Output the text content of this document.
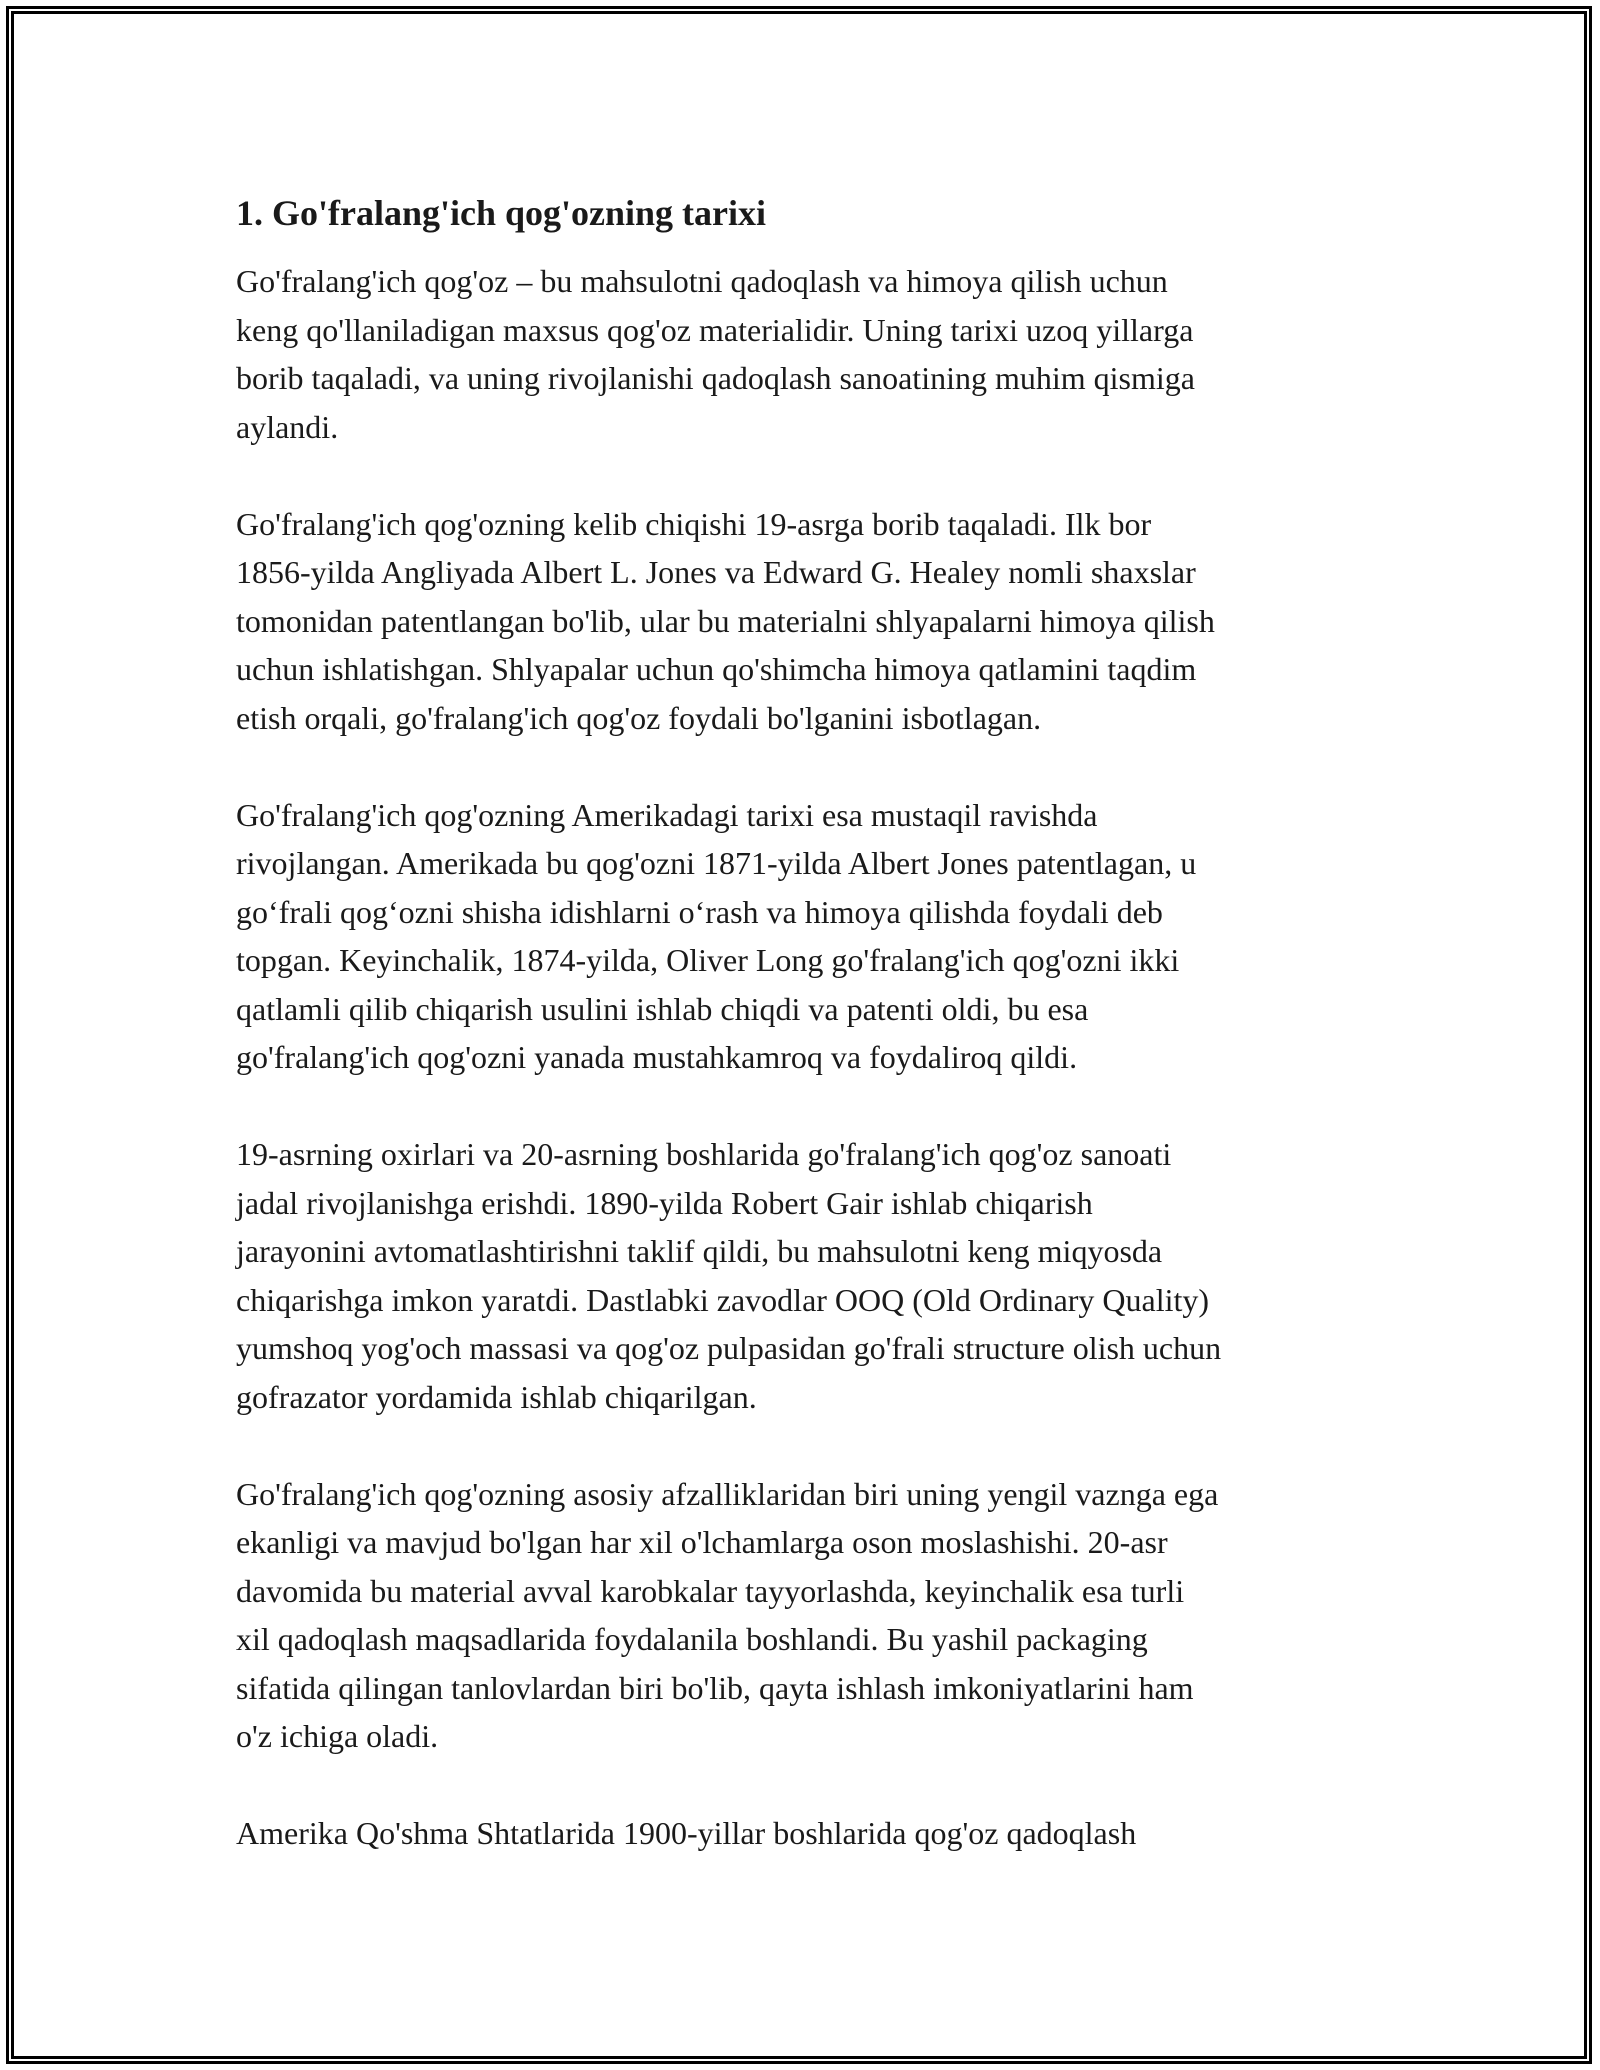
1. Go'fralang'ich qog'ozning tarixi
Go'fralang'ich qog'oz – bu mahsulotni qadoqlash va himoya qilish uchun
keng qo'llaniladigan maxsus qog'oz materialidir. Uning tarixi uzoq yillarga
borib taqaladi, va uning rivojlanishi qadoqlash sanoatining muhim qismiga
aylandi.
Go'fralang'ich qog'ozning kelib chiqishi 19-asrga borib taqaladi. Ilk bor
1856-yilda Angliyada Albert L. Jones va Edward G. Healey nomli shaxslar
tomonidan patentlangan bo'lib, ular bu materialni shlyapalarni himoya qilish
uchun ishlatishgan. Shlyapalar uchun qo'shimcha himoya qatlamini taqdim
etish orqali, go'fralang'ich qog'oz foydali bo'lganini isbotlagan.
Go'fralang'ich qog'ozning Amerikadagi tarixi esa mustaqil ravishda
rivojlangan. Amerikada bu qog'ozni 1871-yilda Albert Jones patentlagan, u
go‘frali qog‘ozni shisha idishlarni o‘rash va himoya qilishda foydali deb
topgan. Keyinchalik, 1874-yilda, Oliver Long go'fralang'ich qog'ozni ikki
qatlamli qilib chiqarish usulini ishlab chiqdi va patenti oldi, bu esa
go'fralang'ich qog'ozni yanada mustahkamroq va foydaliroq qildi.
19-asrning oxirlari va 20-asrning boshlarida go'fralang'ich qog'oz sanoati
jadal rivojlanishga erishdi. 1890-yilda Robert Gair ishlab chiqarish
jarayonini avtomatlashtirishni taklif qildi, bu mahsulotni keng miqyosda
chiqarishga imkon yaratdi. Dastlabki zavodlar OOQ (Old Ordinary Quality)
yumshoq yog'och massasi va qog'oz pulpasidan go'frali structure olish uchun
gofrazator yordamida ishlab chiqarilgan.
Go'fralang'ich qog'ozning asosiy afzalliklaridan biri uning yengil vaznga ega
ekanligi va mavjud bo'lgan har xil o'lchamlarga oson moslashishi. 20-asr
davomida bu material avval karobkalar tayyorlashda, keyinchalik esa turli
xil qadoqlash maqsadlarida foydalanila boshlandi. Bu yashil packaging
sifatida qilingan tanlovlardan biri bo'lib, qayta ishlash imkoniyatlarini ham
o'z ichiga oladi.
Amerika Qo'shma Shtatlarida 1900-yillar boshlarida qog'oz qadoqlash
